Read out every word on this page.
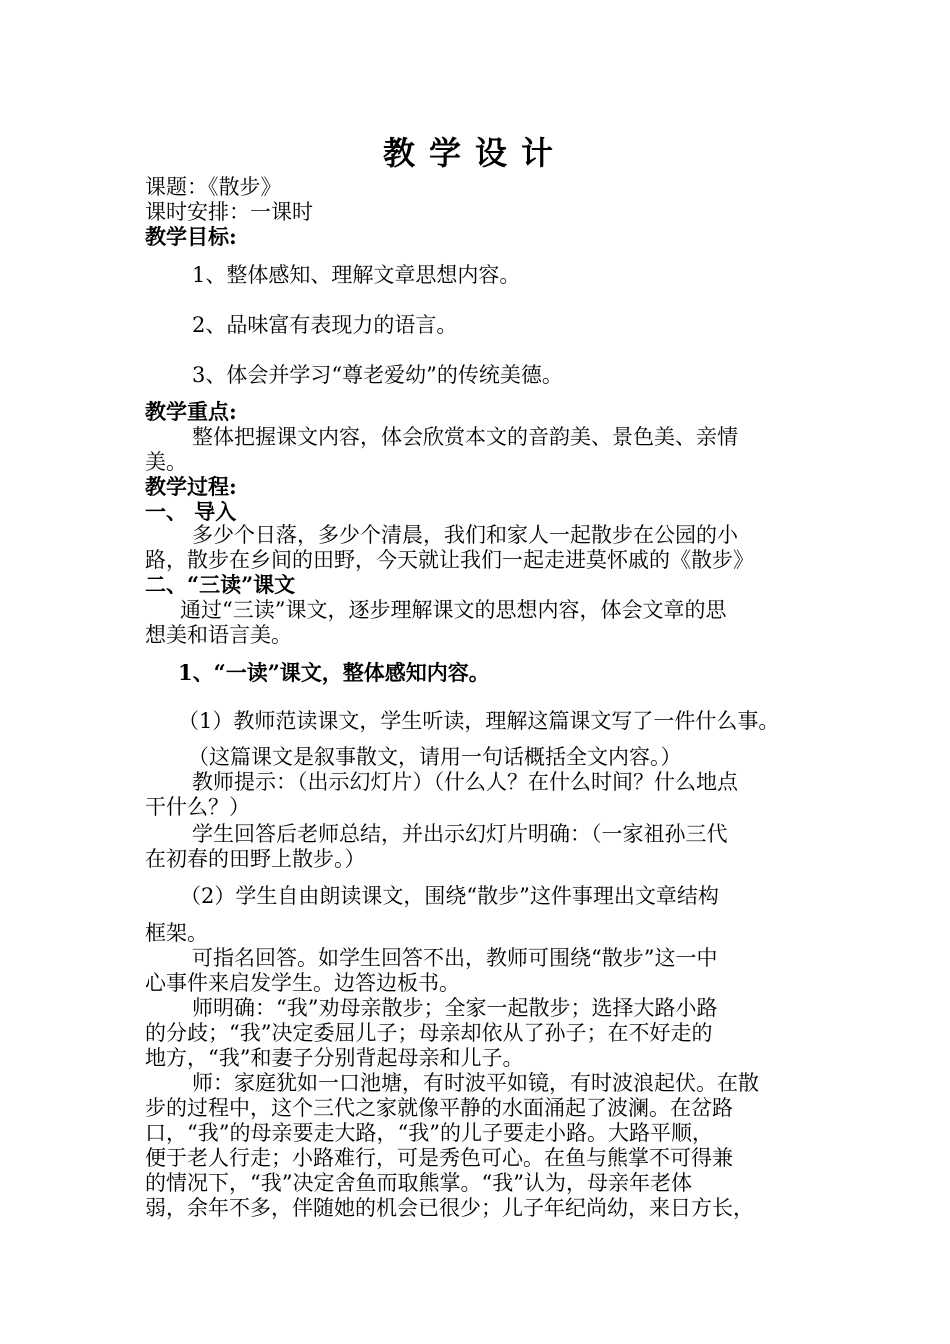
教学设计
课题：《散步》
课时安排：一课时
教学目标:
1、整体感知、理解文章思想内容。
2、品味富有表现力的语言。
3、体会并学习“尊老爱幼”的传统美德。
教学重点:
整体把握课文内容，体会欣赏本文的音韵美、景色美、亲情
美。
教学过程:
一、 导入
多少个日落，多少个清晨，我们和家人一起散步在公园的小
路，散步在乡间的田野，今天就让我们一起走进莫怀戚的《散步》
二、“三读”课文
通过“三读”课文，逐步理解课文的思想内容，体会文章的思
想美和语言美。
1、“一读”课文，整体感知内容。
（1）教师范读课文，学生听读，理解这篇课文写了一件什么事。
（这篇课文是叙事散文，请用一句话概括全文内容。）
教师提示：（出示幻灯片）（什么人？在什么时间？什么地点
干什么？）
学生回答后老师总结，并出示幻灯片明确：（一家祖孙三代
在初春的田野上散步。）
（2）学生自由朗读课文，围绕“散步”这件事理出文章结构
框架。
可指名回答。如学生回答不出，教师可围绕“散步”这一中
心事件来启发学生。边答边板书。
师明确：“我”劝母亲散步；全家一起散步；选择大路小路
的分歧；“我”决定委屈儿子；母亲却依从了孙子；在不好走的
地方，“我”和妻子分别背起母亲和儿子。
师：家庭犹如一口池塘，有时波平如镜，有时波浪起伏。在散
步的过程中，这个三代之家就像平静的水面涌起了波澜。在岔路
口，“我”的母亲要走大路，“我”的儿子要走小路。大路平顺，
便于老人行走；小路难行，可是秀色可心。在鱼与熊掌不可得兼
的情况下，“我”决定舍鱼而取熊掌。“我”认为，母亲年老体
弱，余年不多，伴随她的机会已很少；儿子年纪尚幼，来日方长，
